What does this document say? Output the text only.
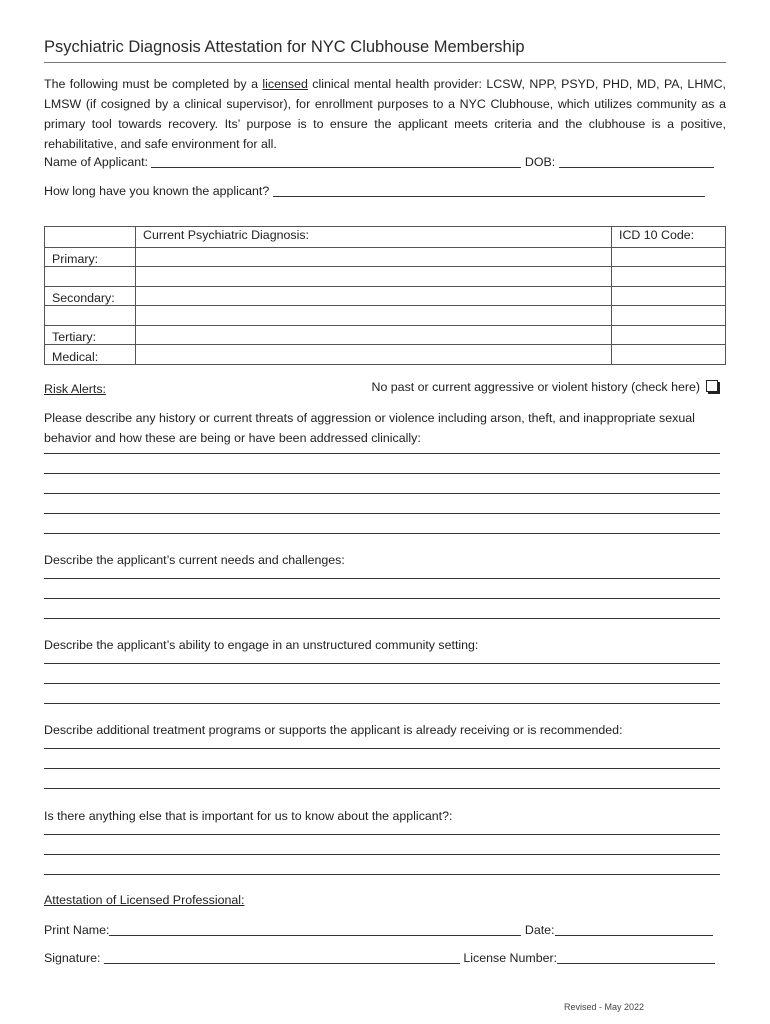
Psychiatric Diagnosis Attestation for NYC Clubhouse Membership
The following must be completed by a licensed clinical mental health provider: LCSW, NPP, PSYD, PHD, MD, PA, LHMC, LMSW (if cosigned by a clinical supervisor), for enrollment purposes to a NYC Clubhouse, which utilizes community as a primary tool towards recovery. Its’ purpose is to ensure the applicant meets criteria and the clubhouse is a positive, rehabilitative, and safe environment for all.
Name of Applicant:	DOB:
How long have you known the applicant?
	Current Psychiatric Diagnosis:	ICD 10 Code:
Primary:		

Secondary:		

Tertiary:		
Medical:		
Risk Alerts:	No past or current aggressive or violent history (check here)
Please describe any history or current threats of aggression or violence including arson, theft, and inappropriate sexual behavior and how these are being or have been addressed clinically:
Describe the applicant’s current needs and challenges:
Describe the applicant’s ability to engage in an unstructured community setting:
Describe additional treatment programs or supports the applicant is already receiving or is recommended:
Is there anything else that is important for us to know about the applicant?:
Attestation of Licensed Professional:
Print Name:	Date:
Signature:	License Number:
Revised - May 2022
